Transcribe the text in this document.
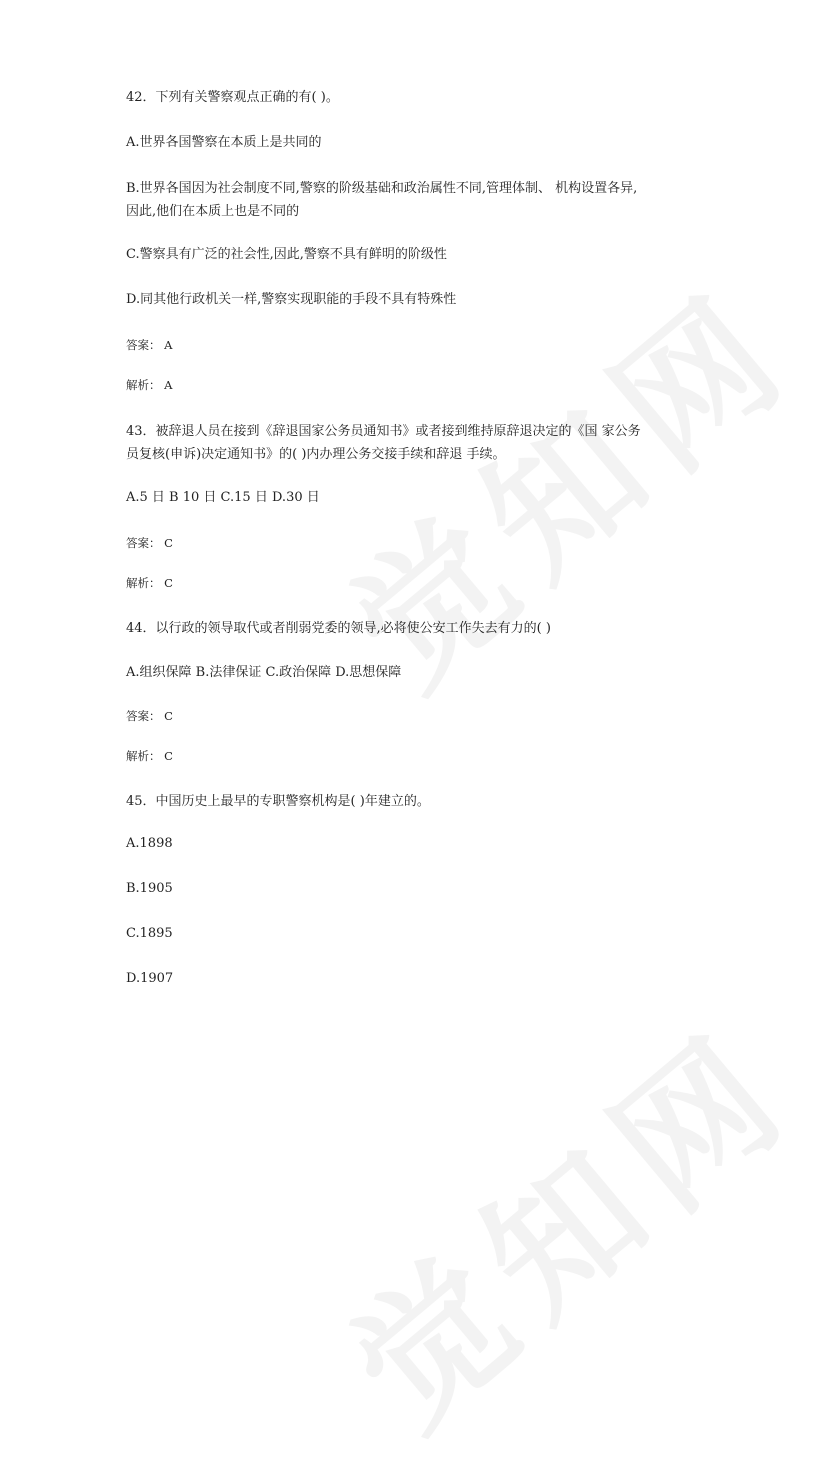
42．下列有关警察观点正确的有( )。
A.世界各国警察在本质上是共同的
B.世界各国因为社会制度不同,警察的阶级基础和政治属性不同,管理体制、 机构设置各异,
因此,他们在本质上也是不同的
C.警察具有广泛的社会性,因此,警察不具有鲜明的阶级性
D.同其他行政机关一样,警察实现职能的手段不具有特殊性
答案： A
解析： A
43．被辞退人员在接到《辞退国家公务员通知书》或者接到维持原辞退决定的《国 家公务
员复核(申诉)决定通知书》的( )内办理公务交接手续和辞退 手续。
A.5 日 B 10 日 C.15 日 D.30 日
答案： C
解析： C
44．以行政的领导取代或者削弱党委的领导,必将使公安工作失去有力的( )
A.组织保障 B.法律保证 C.政治保障 D.思想保障
答案： C
解析： C
45．中国历史上最早的专职警察机构是( )年建立的。
A.1898
B.1905
C.1895
D.1907
